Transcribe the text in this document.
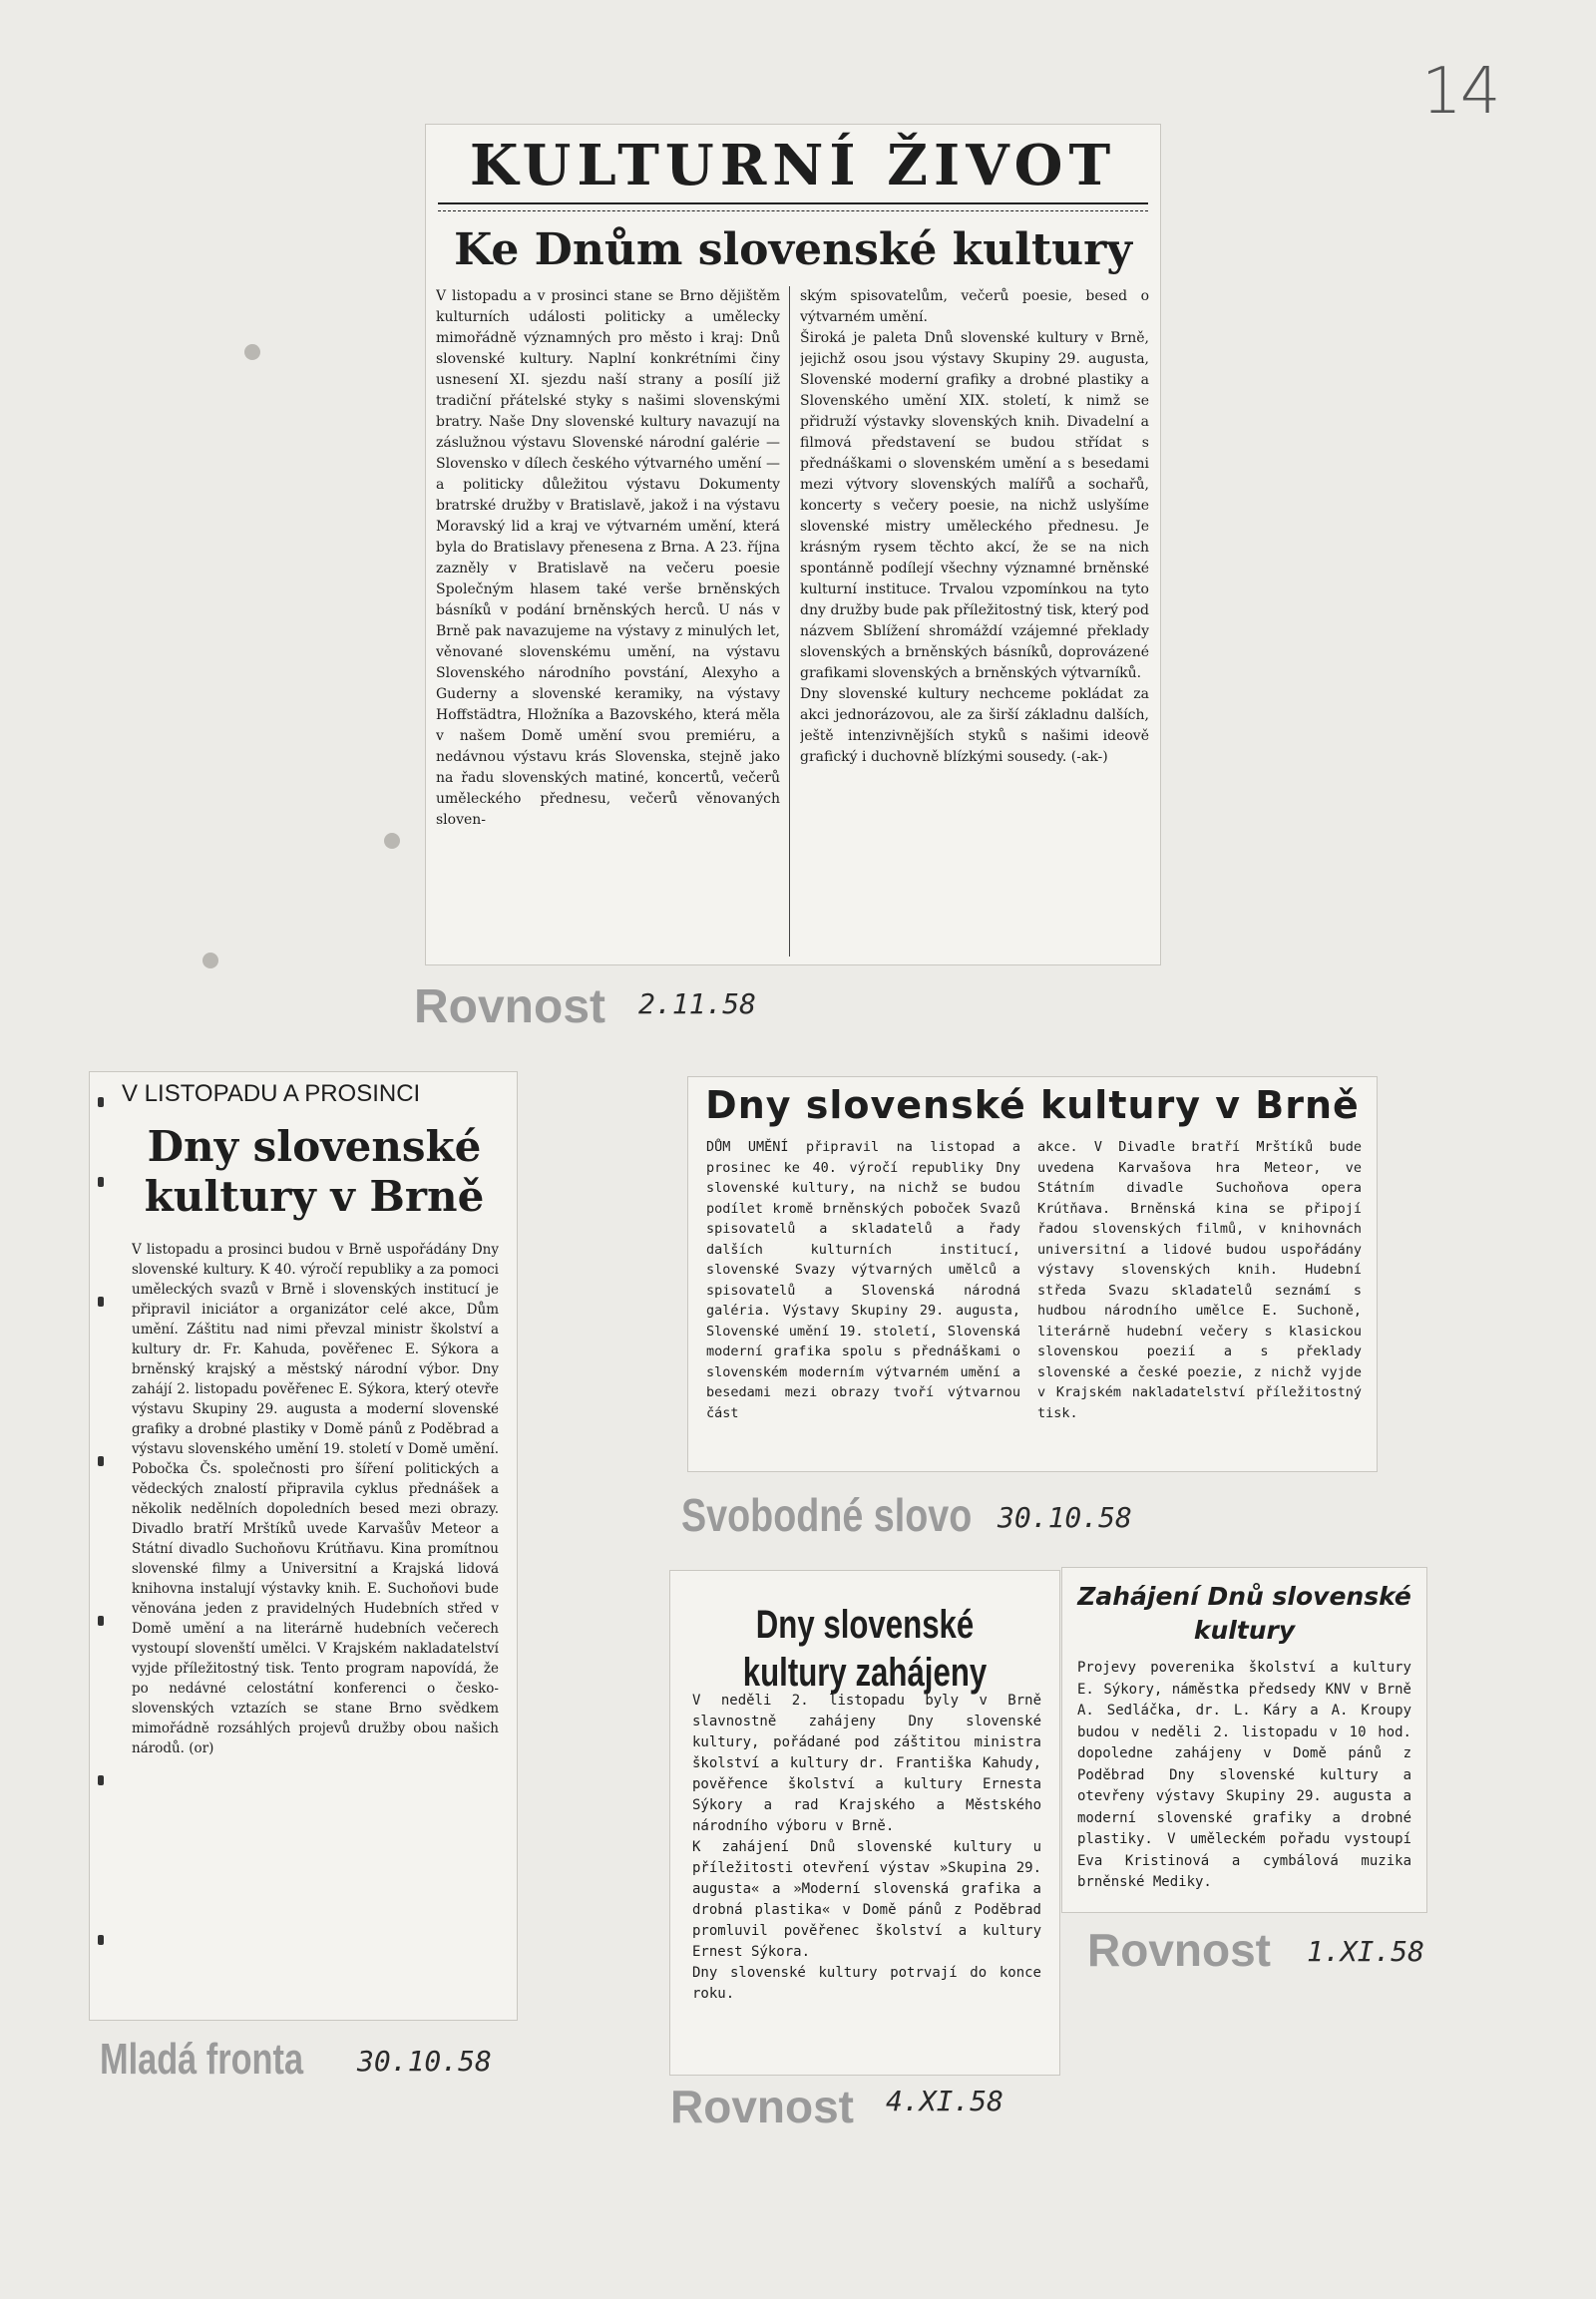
14
KULTURNÍ ŽIVOT
Ke Dnům slovenské kultury

V listopadu a v prosinci stane se Brno dějištěm kulturních události politicky a umělecky mimořádně významných pro město i kraj: Dnů slovenské kultury. Naplní konkrétními činy usnesení XI. sjezdu naší strany a posílí již tradiční přátelské styky s našimi slovenskými bratry. Naše Dny slovenské kultury navazují na záslužnou výstavu Slovenské národní galérie — Slovensko v dílech českého výtvarného umění — a politicky důležitou výstavu Dokumenty bratrské družby v Bratislavě, jakož i na výstavu Moravský lid a kraj ve výtvarném umění, která byla do Bratislavy přenesena z Brna. A 23. října zazněly v Bratislavě na večeru poesie Společným hlasem také verše brněnských básníků v podání brněnských herců. U nás v Brně pak navazujeme na výstavy z minulých let, věnované slovenskému umění, na výstavu Slovenského národního povstání, Alexyho a Guderny a slovenské keramiky, na výstavy Hoffstädtra, Hložníka a Bazovského, která měla v našem Domě umění svou premiéru, a nedávnou výstavu krás Slovenska, stejně jako na řadu slovenských matiné, koncertů, večerů uměleckého přednesu, večerů věnovaných sloven-

ským spisovatelům, večerů poesie, besed o výtvarném umění.
Široká je paleta Dnů slovenské kultury v Brně, jejichž osou jsou výstavy Skupiny 29. augusta, Slovenské moderní grafiky a drobné plastiky a Slovenského umění XIX. století, k nimž se přidruží výstavky slovenských knih. Divadelní a filmová představení se budou střídat s přednáškami o slovenském umění a s besedami mezi výtvory slovenských malířů a sochařů, koncerty s večery poesie, na nichž uslyšíme slovenské mistry uměleckého přednesu. Je krásným rysem těchto akcí, že se na nich spontánně podílejí všechny významné brněnské kulturní instituce. Trvalou vzpomínkou na tyto dny družby bude pak příležitostný tisk, který pod názvem Sblížení shromáždí vzájemné překlady slovenských a brněnských básníků, doprovázené grafikami slovenských a brněnských výtvarníků.
Dny slovenské kultury nechceme pokládat za akci jednorázovou, ale za širší základnu dalších, ještě intenzivnějších styků s našimi ideově grafický i duchovně blízkými sousedy. (-ak-)

Rovnost 2.11.58
V LISTOPADU A PROSINCI
Dny slovenské kultury v Brně

V listopadu a prosinci budou v Brně uspořádány Dny slovenské kultury. K 40. výročí republiky a za pomoci uměleckých svazů v Brně i slovenských institucí je připravil iniciátor a organizátor celé akce, Dům umění. Záštitu nad nimi převzal ministr školství a kultury dr. Fr. Kahuda, pověřenec E. Sýkora a brněnský krajský a městský národní výbor. Dny zahájí 2. listopadu pověřenec E. Sýkora, který otevře výstavu Skupiny 29. augusta a moderní slovenské grafiky a drobné plastiky v Domě pánů z Poděbrad a výstavu slovenského umění 19. století v Domě umění. Pobočka Čs. společnosti pro šíření politických a vědeckých znalostí připravila cyklus přednášek a několik nedělních dopoledních besed mezi obrazy. Divadlo bratří Mrštíků uvede Karvašův Meteor a Státní divadlo Suchoňovu Krútňavu. Kina promítnou slovenské filmy a Universitní a Krajská lidová knihovna instalují výstavky knih. E. Suchoňovi bude věnována jeden z pravidelných Hudebních střed v Domě umění a na literárně hudebních večerech vystoupí slovenští umělci. V Krajském nakladatelství vyjde příležitostný tisk. Tento program napovídá, že po nedávné celostátní konferenci o česko-slovenských vztazích se stane Brno svědkem mimořádně rozsáhlých projevů družby obou našich národů. (or)

Mladá fronta 30.10.58
Dny slovenské kultury v Brně

DŮM UMĚNÍ připravil na listopad a prosinec ke 40. výročí republiky Dny slovenské kultury, na nichž se budou podílet kromě brněnských poboček Svazů spisovatelů a skladatelů a řady dalších kulturních institucí, slovenské Svazy výtvarných umělců a spisovatelů a Slovenská národná galéria. Výstavy Skupiny 29. augusta, Slovenské umění 19. století, Slovenská moderní grafika spolu s přednáškami o slovenském moderním výtvarném umění a besedami mezi obrazy tvoří výtvarnou část

akce. V Divadle bratří Mrštíků bude uvedena Karvašova hra Meteor, ve Státním divadle Suchoňova opera Krútňava. Brněnská kina se připojí řadou slovenských filmů, v knihovnách universitní a lidové budou uspořádány výstavy slovenských knih. Hudební středa Svazu skladatelů seznámí s hudbou národního umělce E. Suchoně, literárně hudební večery s klasickou slovenskou poezií a s překlady slovenské a české poezie, z nichž vyjde v Krajském nakladatelství příležitostný tisk.

Svobodné slovo 30.10.58
Dny slovenské kultury zahájeny

V neděli 2. listopadu byly v Brně slavnostně zahájeny Dny slovenské kultury, pořádané pod záštitou ministra školství a kultury dr. Františka Kahudy, pověřence školství a kultury Ernesta Sýkory a rad Krajského a Městského národního výboru v Brně.
K zahájení Dnů slovenské kultury u příležitosti otevření výstav »Skupina 29. augusta« a »Moderní slovenská grafika a drobná plastika« v Domě pánů z Poděbrad promluvil pověřenec školství a kultury Ernest Sýkora.
Dny slovenské kultury potrvají do konce roku.

Rovnost 4.XI.58
Zahájení Dnů slovenské kultury

Projevy poverenika školství a kultury E. Sýkory, náměstka předsedy KNV v Brně A. Sedláčka, dr. L. Káry a A. Kroupy budou v neděli 2. listopadu v 10 hod. dopoledne zahájeny v Domě pánů z Poděbrad Dny slovenské kultury a otevřeny výstavy Skupiny 29. augusta a moderní slovenské grafiky a drobné plastiky. V uměleckém pořadu vystoupí Eva Kristinová a cymbálová muzika brněnské Mediky.

Rovnost 1.XI.58
